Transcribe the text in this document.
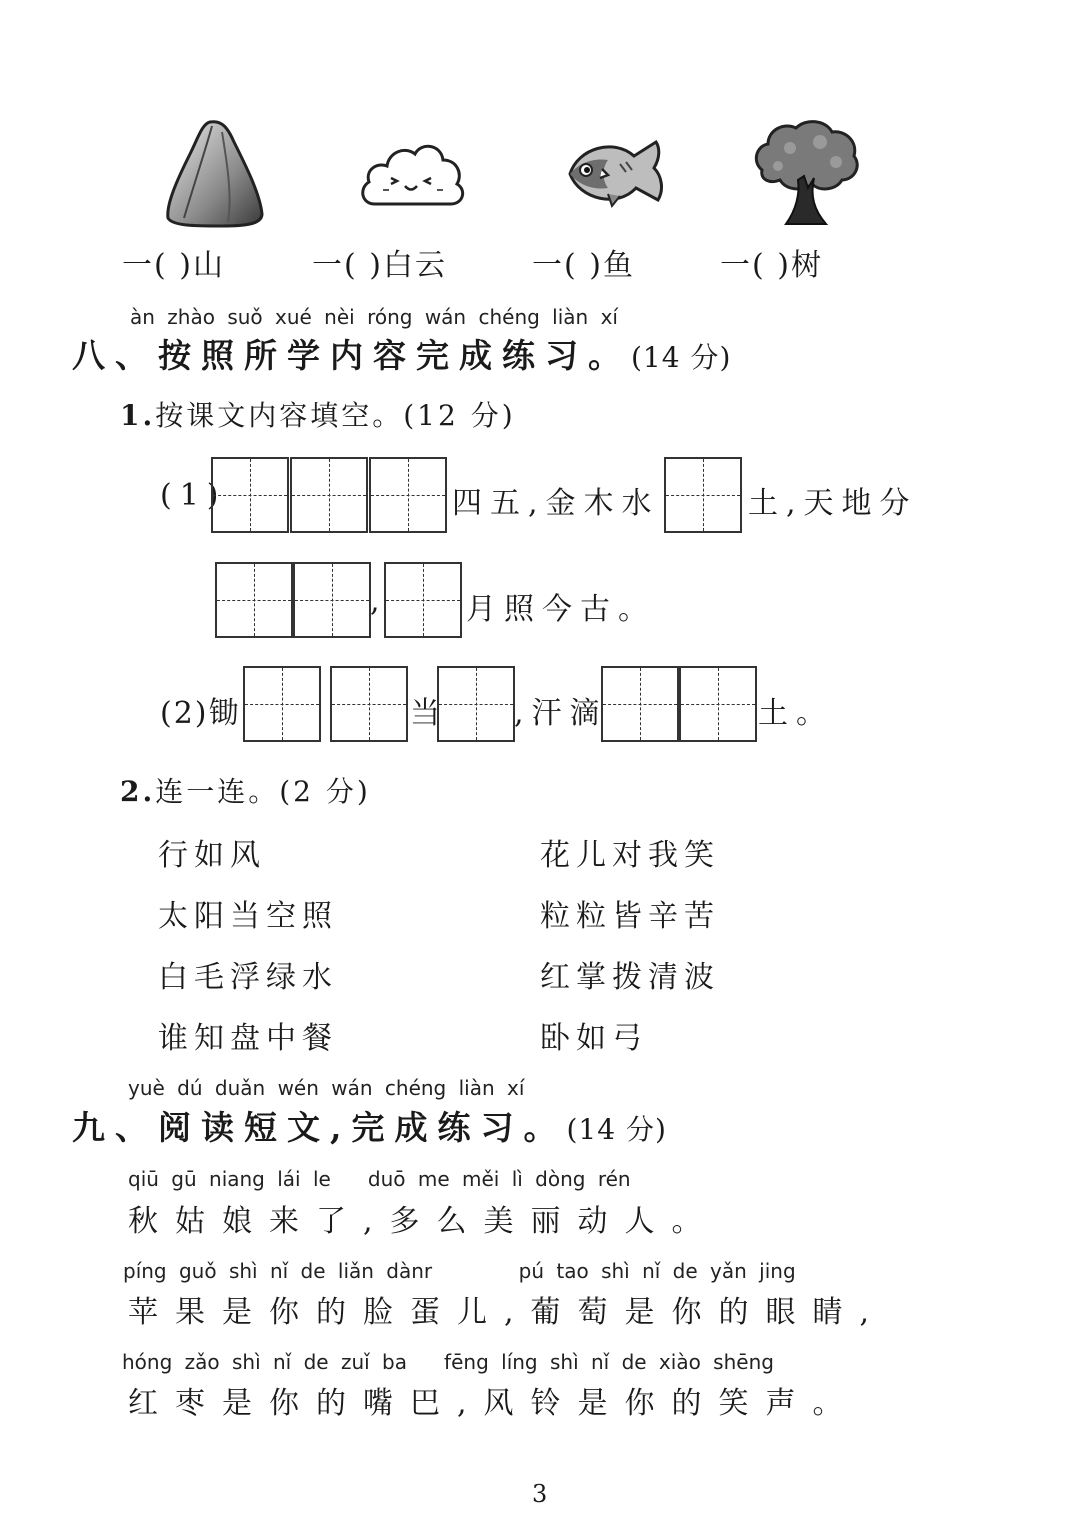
一( )山	一( )白云	一( )鱼	一( )树
àn zhào suǒ xué nèi róng wán chéng liàn xí
八、按照所学内容完成练习。(14 分)
1.按课文内容填空。(12 分)
(1)	四五,金木水	土,天地分
,	月照今古。
(2)锄	当 ,汗滴	土。
2.连一连。(2 分)
行如风
太阳当空照
白毛浮绿水
谁知盘中餐
花儿对我笑
粒粒皆辛苦
红掌拨清波
卧如弓
yuè dú duǎn wén wán chéng liàn xí
九、阅读短文,完成练习。(14 分)
qiū gū niang lái le   duō me měi lì dòng rén
秋姑娘来了,多么美丽动人。
píng guǒ shì nǐ de liǎn dànr       pú tao shì nǐ de yǎn jing
苹果是你的脸蛋儿,葡萄是你的眼睛,
hóng zǎo shì nǐ de zuǐ ba   fēng líng shì nǐ de xiào shēng
红枣是你的嘴巴,风铃是你的笑声。
3
